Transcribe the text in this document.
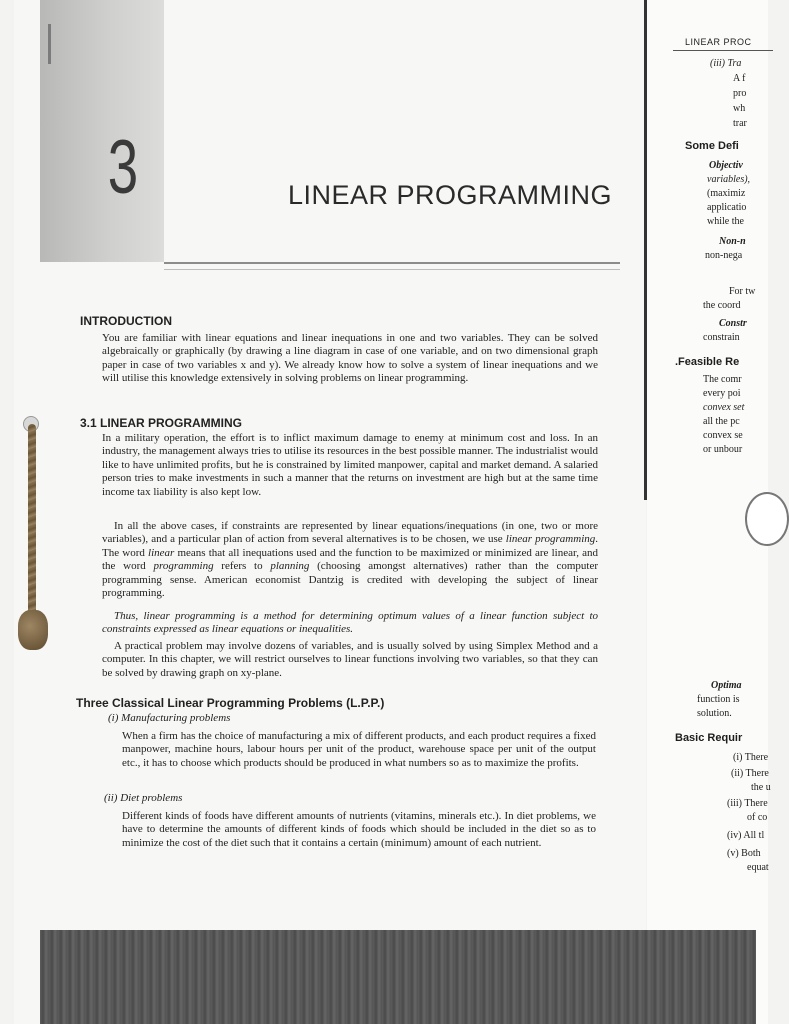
3	LINEAR PROGRAMMING
INTRODUCTION
You are familiar with linear equations and linear inequations in one and two variables. They can be solved algebraically or graphically (by drawing a line diagram in case of one variable, and on two dimensional graph paper in case of two variables x and y). We already know how to solve a system of linear inequations and we will utilise this knowledge extensively in solving problems on linear programming.
3.1 LINEAR PROGRAMMING
In a military operation, the effort is to inflict maximum damage to enemy at minimum cost and loss. In an industry, the management always tries to utilise its resources in the best possible manner. The industrialist would like to have unlimited profits, but he is constrained by limited manpower, capital and market demand. A salaried person tries to make investments in such a manner that the returns on investment are high but at the same time income tax liability is also kept low.
In all the above cases, if constraints are represented by linear equations/inequations (in one, two or more variables), and a particular plan of action from several alternatives is to be chosen, we use linear programming. The word linear means that all inequations used and the function to be maximized or minimized are linear, and the word programming refers to planning (choosing amongst alternatives) rather than the computer programming sense. American economist Dantzig is credited with developing the subject of linear programming.
Thus, linear programming is a method for determining optimum values of a linear function subject to constraints expressed as linear equations or inequalities.
A practical problem may involve dozens of variables, and is usually solved by using Simplex Method and a computer. In this chapter, we will restrict ourselves to linear functions involving two variables, so that they can be solved by drawing graph on xy-plane.
Three Classical Linear Programming Problems (L.P.P.)
(i) Manufacturing problems
When a firm has the choice of manufacturing a mix of different products, and each product requires a fixed manpower, machine hours, labour hours per unit of the product, warehouse space per unit of the output etc., it has to choose which products should be produced in what numbers so as to maximize the profits.
(ii) Diet problems
Different kinds of foods have different amounts of nutrients (vitamins, minerals etc.). In diet problems, we have to determine the amounts of different kinds of foods which should be included in the diet so as to minimize the cost of the diet such that it contains a certain (minimum) amount of each nutrient.
LINEAR PROC
(iii) Tra
A f
pro
wh
trar
Some Defi
Objectiv
variables),
(maximiz
applicatio
while the
Non-n
non-nega
For tw
the coord
Constr
constrain
.Feasible Re
The comr
every poi
convex set
all the pc
convex se
or unbour
Optima
function is
solution.
Basic Requir
(i) There
(ii) There
the u
(iii) There
of co
(iv) All tl
(v) Both
equat
